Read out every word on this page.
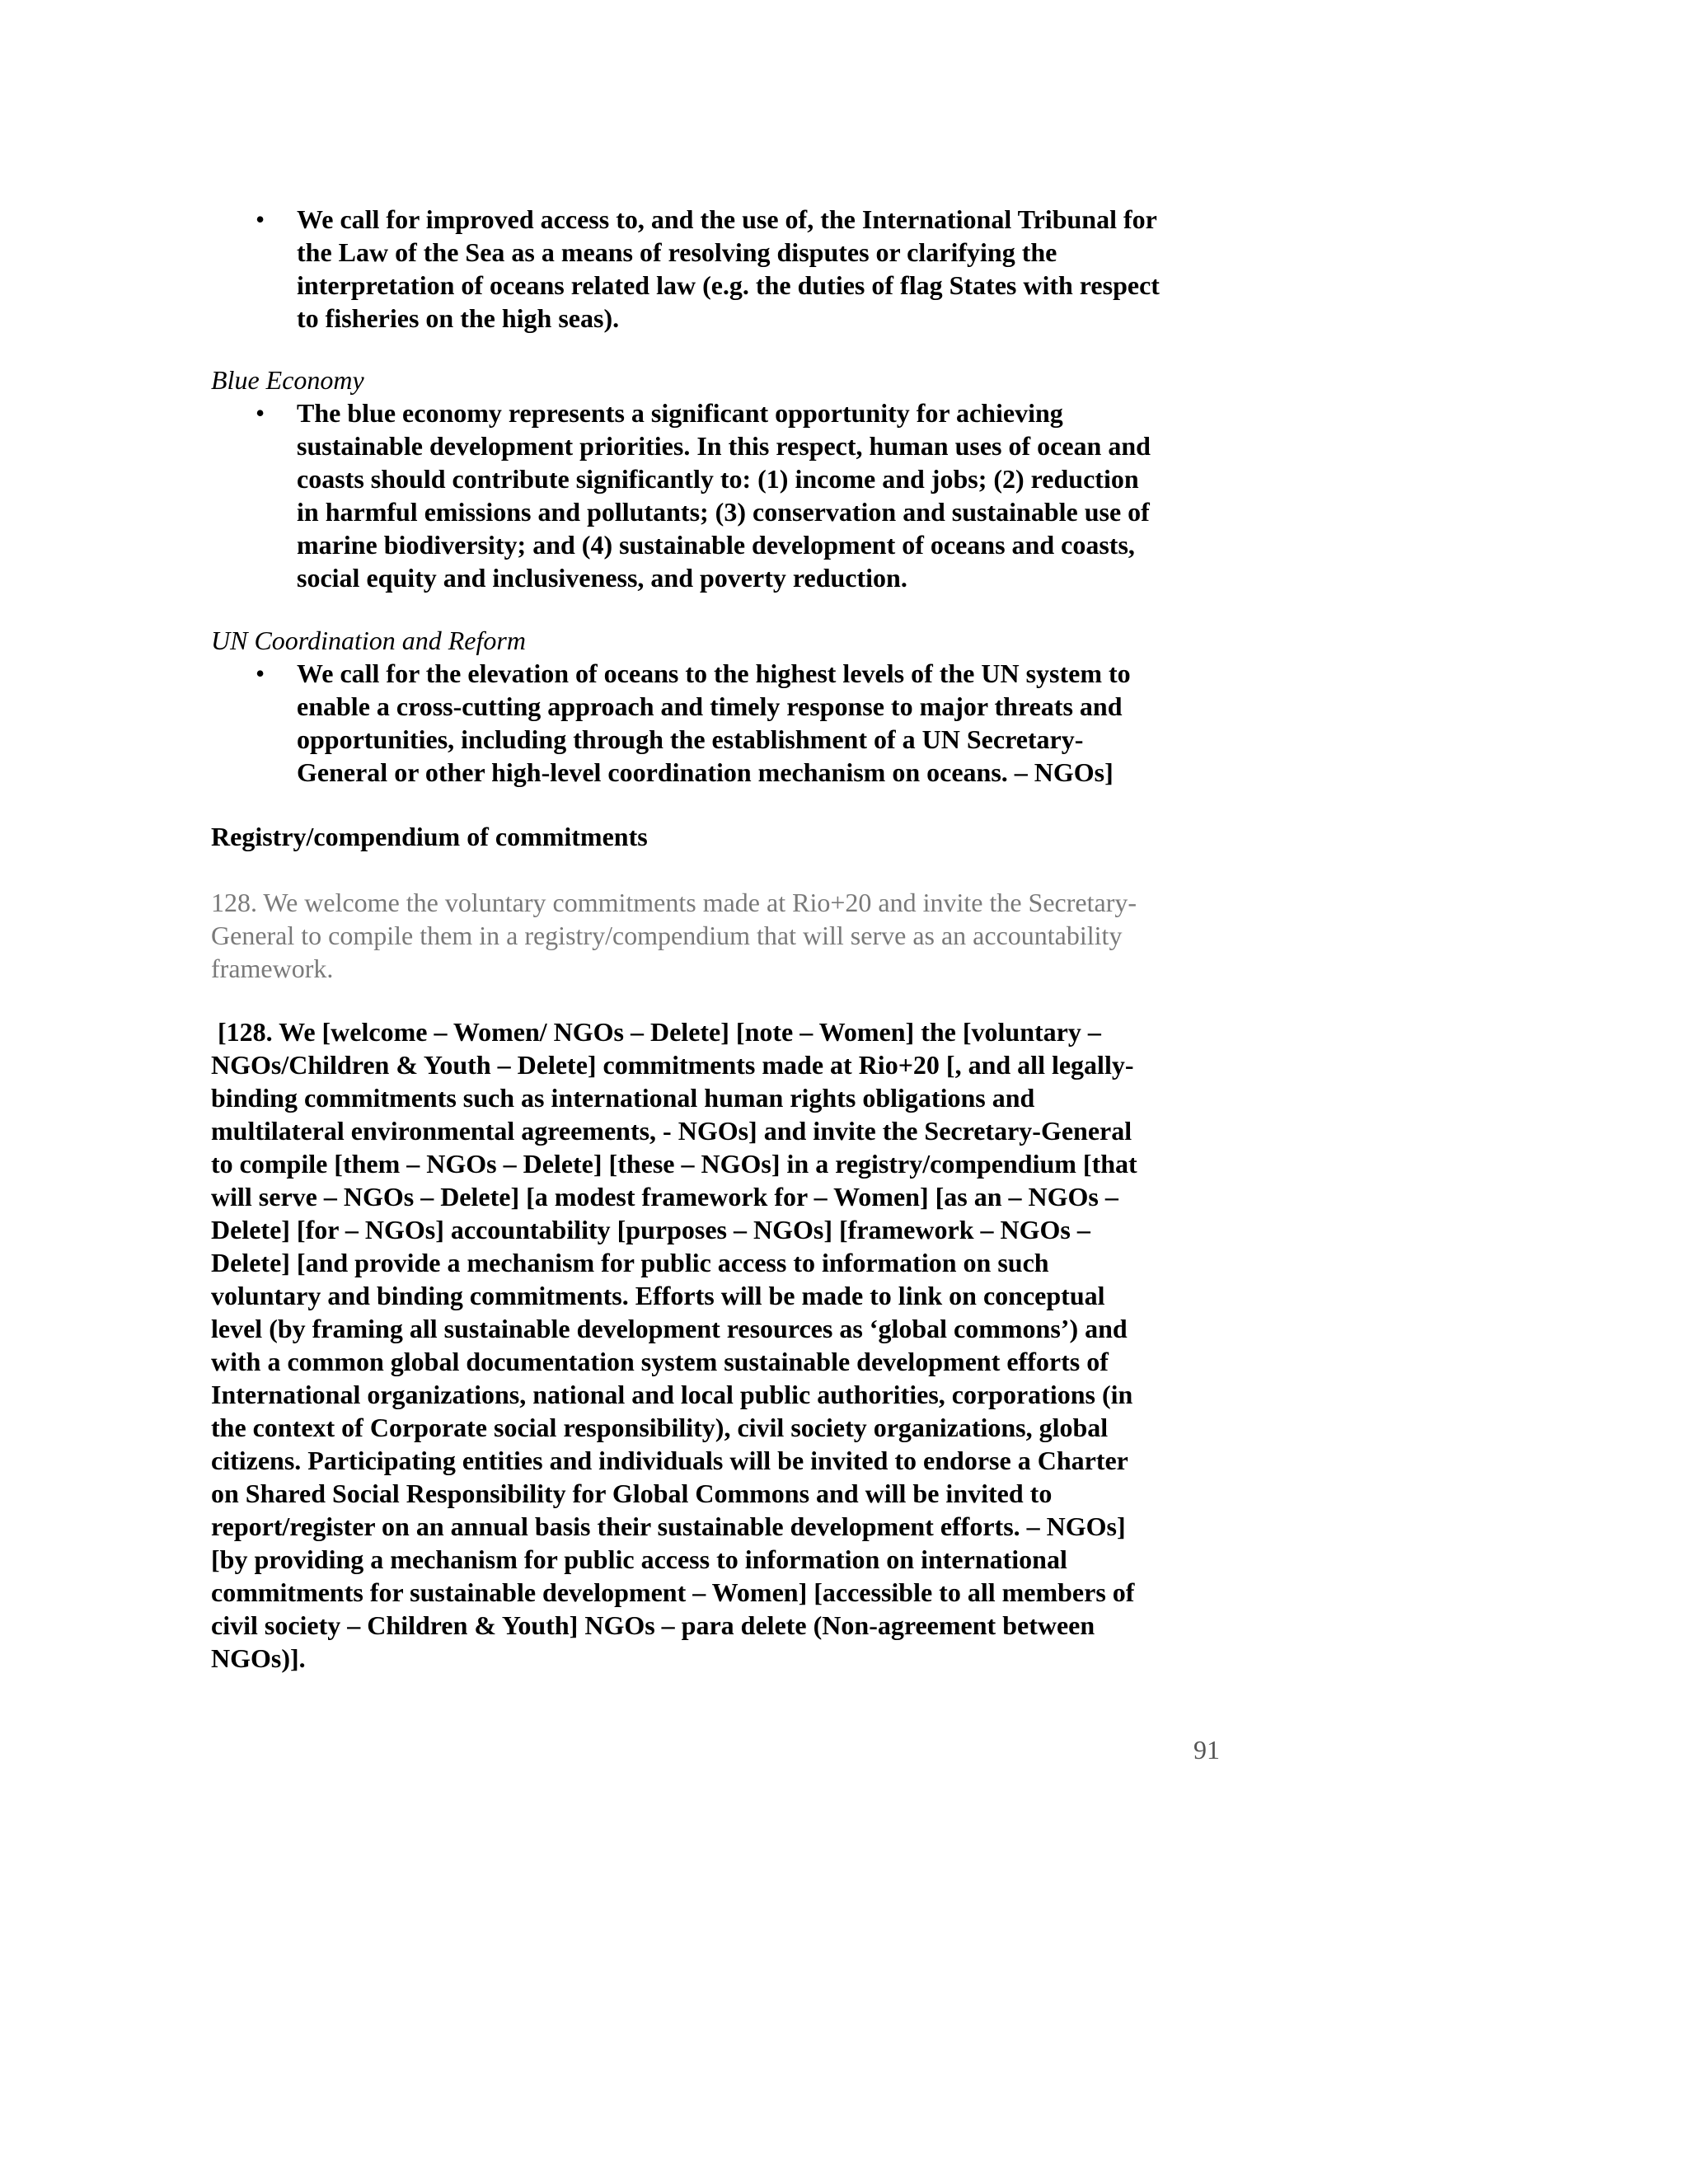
• We call for improved access to, and the use of, the International Tribunal for
the Law of the Sea as a means of resolving disputes or clarifying the
interpretation of oceans related law (e.g. the duties of flag States with respect
to fisheries on the high seas).
Blue Economy
• The blue economy represents a significant opportunity for achieving
sustainable development priorities. In this respect, human uses of ocean and
coasts should contribute significantly to: (1) income and jobs; (2) reduction
in harmful emissions and pollutants; (3) conservation and sustainable use of
marine biodiversity; and (4) sustainable development of oceans and coasts,
social equity and inclusiveness, and poverty reduction.
UN Coordination and Reform
• We call for the elevation of oceans to the highest levels of the UN system to
enable a cross-cutting approach and timely response to major threats and
opportunities, including through the establishment of a UN Secretary-
General or other high-level coordination mechanism on oceans. – NGOs]
Registry/compendium of commitments
128. We welcome the voluntary commitments made at Rio+20 and invite the Secretary-
General to compile them in a registry/compendium that will serve as an accountability
framework.
[128. We [welcome – Women/ NGOs – Delete] [note – Women] the [voluntary –
NGOs/Children & Youth – Delete] commitments made at Rio+20 [, and all legally-
binding commitments such as international human rights obligations and
multilateral environmental agreements, - NGOs] and invite the Secretary-General
to compile [them – NGOs – Delete] [these – NGOs] in a registry/compendium [that
will serve – NGOs – Delete] [a modest framework for – Women] [as an – NGOs –
Delete] [for – NGOs] accountability [purposes – NGOs] [framework – NGOs –
Delete] [and provide a mechanism for public access to information on such
voluntary and binding commitments. Efforts will be made to link on conceptual
level (by framing all sustainable development resources as ‘global commons’) and
with a common global documentation system sustainable development efforts of
International organizations, national and local public authorities, corporations (in
the context of Corporate social responsibility), civil society organizations, global
citizens. Participating entities and individuals will be invited to endorse a Charter
on Shared Social Responsibility for Global Commons and will be invited to
report/register on an annual basis their sustainable development efforts. – NGOs]
[by providing a mechanism for public access to information on international
commitments for sustainable development – Women] [accessible to all members of
civil society – Children & Youth] NGOs – para delete (Non-agreement between
NGOs)].
91
